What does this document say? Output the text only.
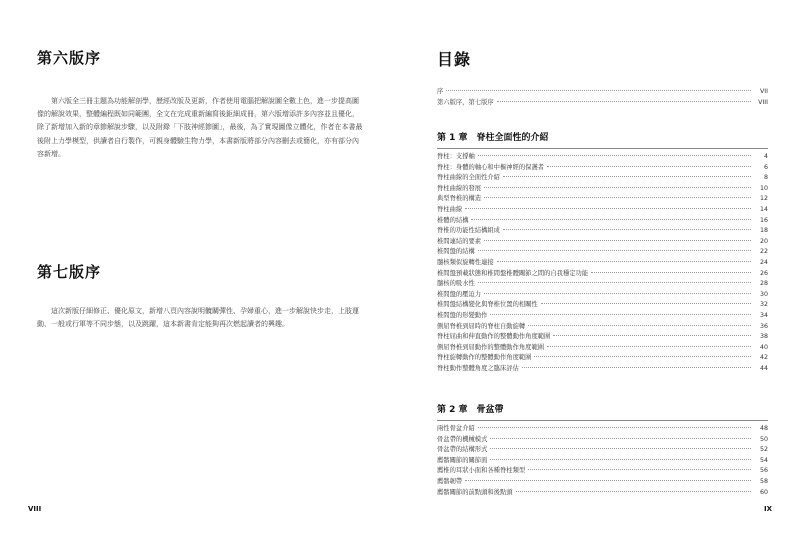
第六版序

第六版全三冊主題為功能解剖學，歷經改版及更新，作者使用電腦把解說圖全數上色，進一步提高圖像的解說效果，整體編程既如同範團，全文在完成重新編寫後鉅細成冊，第六版增添許多內容並且優化，除了新增加入新的章節解說步驟，以及附錄「下肢神經節圖」，最後，為了實現圖像立體化，作者在本書最後附上力學模型，供讀者自行製作，可親身體驗生物力學，本書新版將部分內容刪去或簡化，亦有部分內容新增。

第七版序

這次新版仔細修正、優化原文，新增八頁內容說明髖關彈性、孕婦重心，進一步解說快步走，上肢運動、一般或行軍等不同步態，以及跳躍，這本新書肯定能夠再次燃起讀者的興趣。

VIII
目錄
序	VII
第六版序，第七版序	VIII
第 1 章　脊柱全面性的介紹
脊柱：支撐軸	4
脊柱：身體的軸心和中樞神經的保護者	6
脊柱曲線的全面性介紹	8
脊柱曲線的發展	10
典型脊椎的構造	12
脊柱曲線	14
椎體的結構	16
脊椎的功能性結構組成	18
椎間連結的要素	20
椎間盤的結構	22
髓核類似旋轉性連接	24
椎間盤預載狀態和椎間盤椎體關節之間的自我穩定功能	26
髓核的吸水性	28
椎間盤的壓迫力	30
椎間盤結構變化與脊椎位置的相關性	32
椎間盤的形變動作	34
側屈脊椎到屈時的脊柱自動旋轉	36
脊柱屈曲和伸直動作的整體動作角度範圍	38
側屈脊椎到屈動作的整體動作角度範圍	40
脊柱旋轉動作的整體動作角度範圍	42
脊柱動作整體角度之臨床評估	44
第 2 章　骨盆帶
兩性骨盆介紹	48
骨盆帶的機械模式	50
骨盆帶的結構形式	52
薦髂關節的關節面	54
薦椎的耳狀小面和各種脊柱類型	56
薦髂韌帶	58
薦髂關節的前點頭和後點頭	60
IX
